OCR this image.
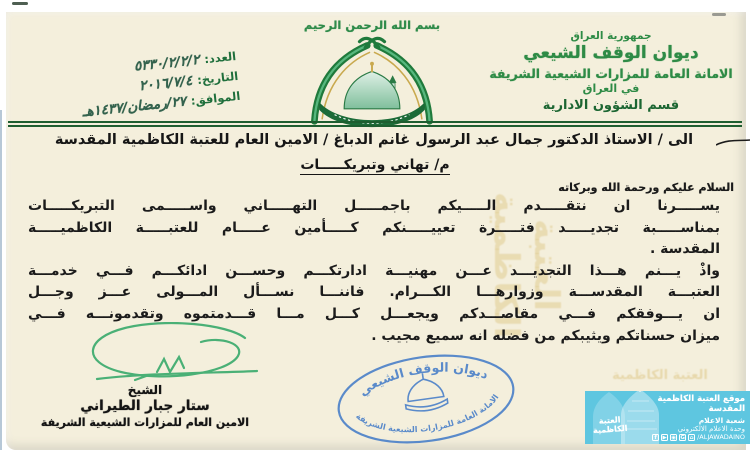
العتبة الكاظمية
العتبة الكاظمية
العدد:
٥٣٣٠/٢/٢/٢
التاريخ:
٢٠١٦/٧/٤
الموافق:
٢٧/رمضان/١٤٣٧هـ
بسم الله الرحمن الرحيم
جمهورية العراق
ديوان الوقف الشيعي
الامانة العامة للمزارات الشيعية الشريفة
في العراق
قسم الشؤون الادارية
الى / الاستاذ الدكتور جمال عبد الرسول غانم الدباغ / الامين العام للعتبة الكاظمية المقدسة
م/ تهاني وتبريكـــــات
السلام عليكم ورحمة الله وبركاته
يســـــرنا ان نتقـــــدم الـــــيكم باجمـــــل التهـــــاني واســـــمى التبريكـــــات
بمناســـــبة تجديـــــد فتـــــرة تعييـــــنكم كـــــأمين عـــــام للعتبـــــة الكاظميـــــة
المقدسة .
واذْ يـــنم هـــذا التجديـــد عـــن مهنيـــة ادارتكـــم وحســـن ادائكـــم فـــي خدمـــة
العتبـــة المقدســـة وزوارهـــا الكـــرام. فاننـــا نســـأل المـــولى عـــز وجـــل
ان يـــوفقكم فـــي مقاصـــدكم ويجعـــل كـــل مـــا قـــدمتموه وتقدمونـــه فـــي
ميزان حسناتكم ويثيبكم من فضله انه سميع مجيب .
الشيخ
ستار جبار الطيراني
الامين العام للمزارات الشيعية الشريفة
ديوان الوقف الشيعي
الامانة العامة للمزارات الشيعية الشريفة
العتبة الكاظمية
موقع العتبة الكاظمية المقدسة
شعبة الاعلام
وحدة الاعلام الالكتروني
f	▶ ◉ G ⌂ /ALJAWADAINO
